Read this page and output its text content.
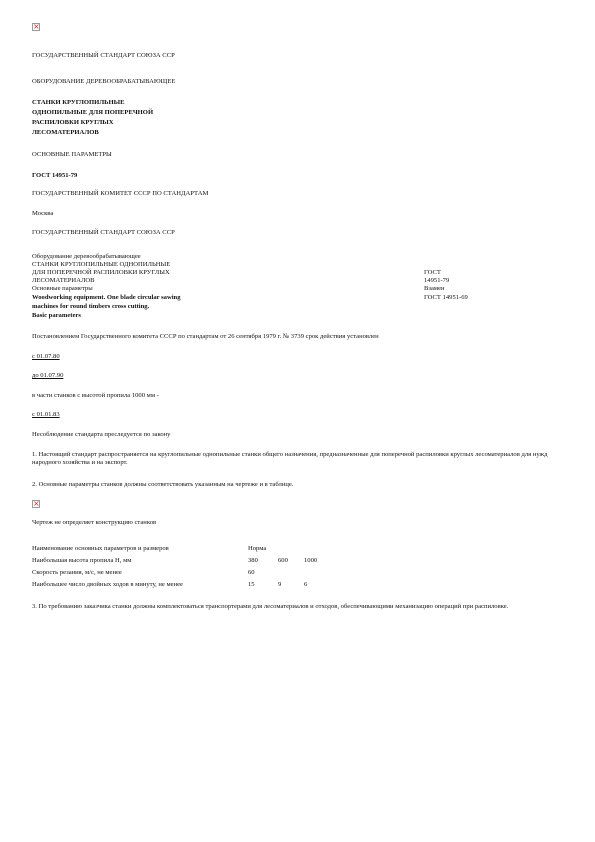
×
ГОСУДАРСТВЕННЫЙ СТАНДАРТ СОЮЗА ССР
ОБОРУДОВАНИЕ ДЕРЕВООБРАБАТЫВАЮЩЕЕ
СТАНКИ КРУГЛОПИЛЬНЫЕ
ОДНОПИЛЬНЫЕ ДЛЯ ПОПЕРЕЧНОЙ
РАСПИЛОВКИ КРУГЛЫХ
ЛЕСОМАТЕРИАЛОВ
ОСНОВНЫЕ ПАРАМЕТРЫ
ГОСТ 14951-79
ГОСУДАРСТВЕННЫЙ КОМИТЕТ СССР ПО СТАНДАРТАМ
Москва
ГОСУДАРСТВЕННЫЙ СТАНДАРТ СОЮЗА ССР
Оборудование деревообрабатывающее
СТАНКИ КРУГЛОПИЛЬНЫЕ ОДНОПИЛЬНЫЕ
ДЛЯ ПОПЕРЕЧНОЙ РАСПИЛОВКИ КРУГЛЫХ
ЛЕСОМАТЕРИАЛОВ
Основные параметры
Woodworking equipment. One blade circular sawing
machines for round timbers cross cutting.
Basic parameters
ГОСТ
14951-79
Взамен
ГОСТ 14951-69
Постановлением Государственного комитета СССР по стандартам от 26 сентября 1979 г. № 3739 срок действия установлен
с 01.07.80
до 01.07.90
в части станков с высотой пропила 1000 мм -
с 01.01.83
Несоблюдение стандарта преследуется по закону
1. Настоящий стандарт распространяется на круглопильные однопильные станки общего назначения, предназначенные для поперечной распиловки круглых лесоматериалов для нужд народного хозяйства и на экспорт.
2. Основные параметры станков должны соответствовать указанным на чертеже и в таблице.
×
Чертеж не определяет конструкцию станков
Наименование основных параметров и размеров	Норма		
Наибольшая высота пропила H, мм	380	600	1000
Скорость резания, м/с, не менее	60		
Наибольшее число двойных ходов в минуту, не менее	15	9	6
3. По требованию заказчика станки должны комплектоваться транспортерами для лесоматериалов и отходов, обеспечивающими механизацию операций при распиловке.
